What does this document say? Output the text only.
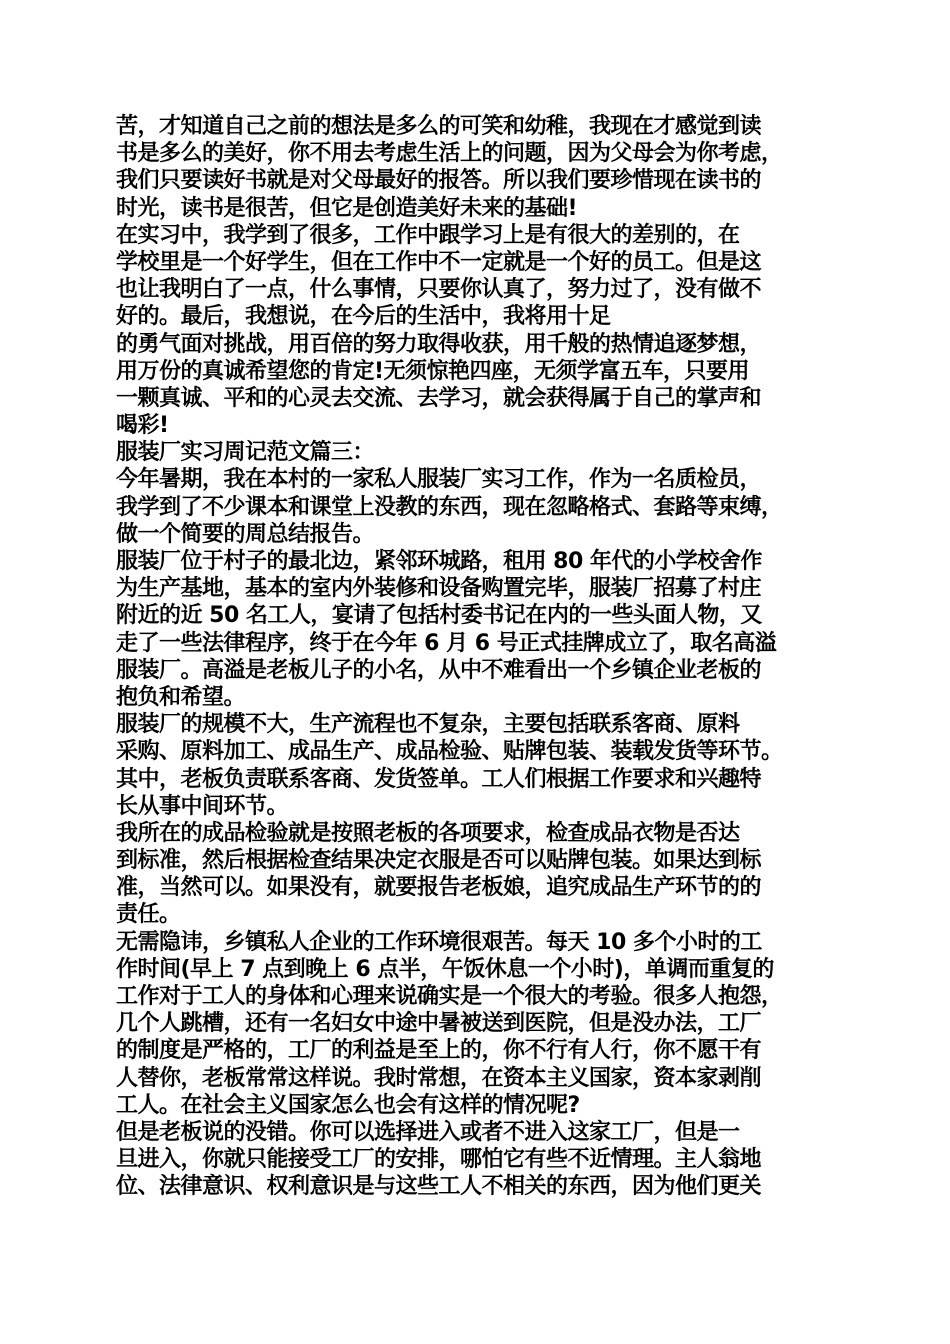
苦，才知道自己之前的想法是多么的可笑和幼稚，我现在才感觉到读
书是多么的美好，你不用去考虑生活上的问题，因为父母会为你考虑，
我们只要读好书就是对父母最好的报答。所以我们要珍惜现在读书的
时光，读书是很苦，但它是创造美好未来的基础!
在实习中，我学到了很多，工作中跟学习上是有很大的差别的，在
学校里是一个好学生，但在工作中不一定就是一个好的员工。但是这
也让我明白了一点，什么事情，只要你认真了，努力过了，没有做不
好的。最后，我想说，在今后的生活中，我将用十足
的勇气面对挑战，用百倍的努力取得收获，用千般的热情追逐梦想，
用万份的真诚希望您的肯定!无须惊艳四座，无须学富五车，只要用
一颗真诚、平和的心灵去交流、去学习，就会获得属于自己的掌声和
喝彩!
服装厂实习周记范文篇三：
今年暑期，我在本村的一家私人服装厂实习工作，作为一名质检员，
我学到了不少课本和课堂上没教的东西，现在忽略格式、套路等束缚，
做一个简要的周总结报告。
服装厂位于村子的最北边，紧邻环城路，租用 80 年代的小学校舍作
为生产基地，基本的室内外装修和设备购置完毕，服装厂招募了村庄
附近的近 50 名工人，宴请了包括村委书记在内的一些头面人物，又
走了一些法律程序，终于在今年 6 月 6 号正式挂牌成立了，取名高溢
服装厂。高溢是老板儿子的小名，从中不难看出一个乡镇企业老板的
抱负和希望。
服装厂的规模不大，生产流程也不复杂，主要包括联系客商、原料
采购、原料加工、成品生产、成品检验、贴牌包装、装载发货等环节。
其中，老板负责联系客商、发货签单。工人们根据工作要求和兴趣特
长从事中间环节。
我所在的成品检验就是按照老板的各项要求，检查成品衣物是否达
到标准，然后根据检查结果决定衣服是否可以贴牌包装。如果达到标
准，当然可以。如果没有，就要报告老板娘，追究成品生产环节的的
责任。
无需隐讳，乡镇私人企业的工作环境很艰苦。每天 10 多个小时的工
作时间(早上 7 点到晚上 6 点半，午饭休息一个小时)，单调而重复的
工作对于工人的身体和心理来说确实是一个很大的考验。很多人抱怨，
几个人跳槽，还有一名妇女中途中暑被送到医院，但是没办法，工厂
的制度是严格的，工厂的利益是至上的，你不行有人行，你不愿干有
人替你，老板常常这样说。我时常想，在资本主义国家，资本家剥削
工人。在社会主义国家怎么也会有这样的情况呢?
但是老板说的没错。你可以选择进入或者不进入这家工厂，但是一
旦进入，你就只能接受工厂的安排，哪怕它有些不近情理。主人翁地
位、法律意识、权利意识是与这些工人不相关的东西，因为他们更关
